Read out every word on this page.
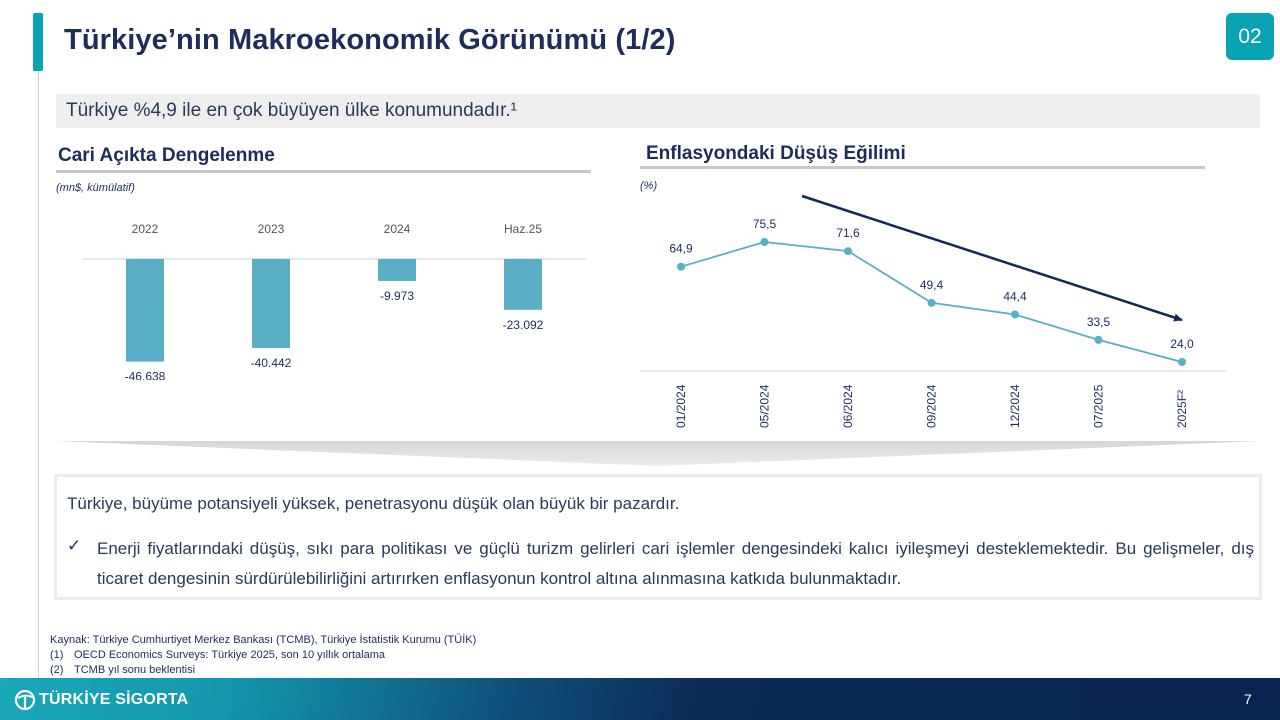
Türkiye’nin Makroekonomik Görünümü (1/2)	02
Türkiye %4,9 ile en çok büyüyen ülke konumundadır.¹
Cari Açıkta Dengelenme
(mn$, kümülatif)
2022
-46.638
2023
-40.442
2024
-9.973
Haz.25
-23.092
Enflasyondaki Düşüş Eğilimi
(%)
64,9
01/2024
75,5
05/2024
71,6
06/2024
49,4
09/2024
44,4
12/2024
33,5
07/2025
24,0
2025F²
Türkiye, büyüme potansiyeli yüksek, penetrasyonu düşük olan büyük bir pazardır.
✓ Enerji fiyatlarındaki düşüş, sıkı para politikası ve güçlü turizm gelirleri cari işlemler dengesindeki kalıcı iyileşmeyi desteklemektedir. Bu gelişmeler, dış ticaret dengesinin sürdürülebilirliğini artırırken enflasyonun kontrol altına alınmasına katkıda bulunmaktadır.
Kaynak: Türkiye Cumhurtiyet Merkez Bankası (TCMB), Türkiye İstatistik Kurumu (TÜİK)
(1) OECD Economics Surveys: Türkiye 2025, son 10 yıllık ortalama
(2) TCMB yıl sonu beklentisi
TÜRKİYE SİGORTA	7
